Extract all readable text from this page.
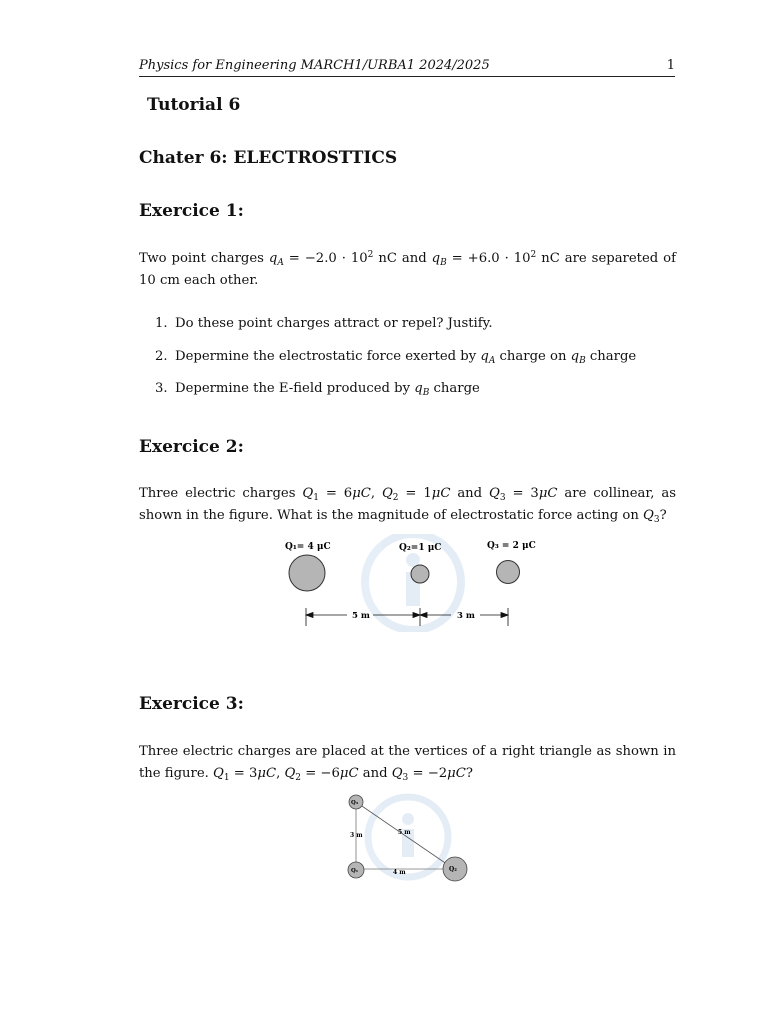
Physics for Engineering MARCH1/URBA1 2024/2025	1
Tutorial 6
Chater 6: ELECTROSTTICS
Exercice 1:

Two point charges $q_A = -2.0 \cdot 10^2$ nC and $q_B = +6.0 \cdot 10^2$ nC are separeted of 10 cm each other.

1. Do these point charges attract or repel? Justify.
2. Depermine the electrostatic force exerted by $q_A$ charge on $q_B$ charge
3. Depermine the E-field produced by $q_B$ charge
Exercice 2:

Three electric charges $Q_1 = 6\mu C$, $Q_2 = 1\mu C$ and $Q_3 = 3\mu C$ are collinear, as shown in the figure. What is the magnitude of electrostatic force acting on $Q_3$?

Q₁= 4 μC	Q₂=1 μC	Q₃ = 2 μC
5 m	3 m
Exercice 3:

Three electric charges are placed at the vertices of a right triangle as shown in the figure. $Q_1 = 3\mu C$, $Q_2 = -6\mu C$ and $Q_3 = -2\mu C$?

Q₃
Q₁	Q₂
3 m	5 m
4 m
